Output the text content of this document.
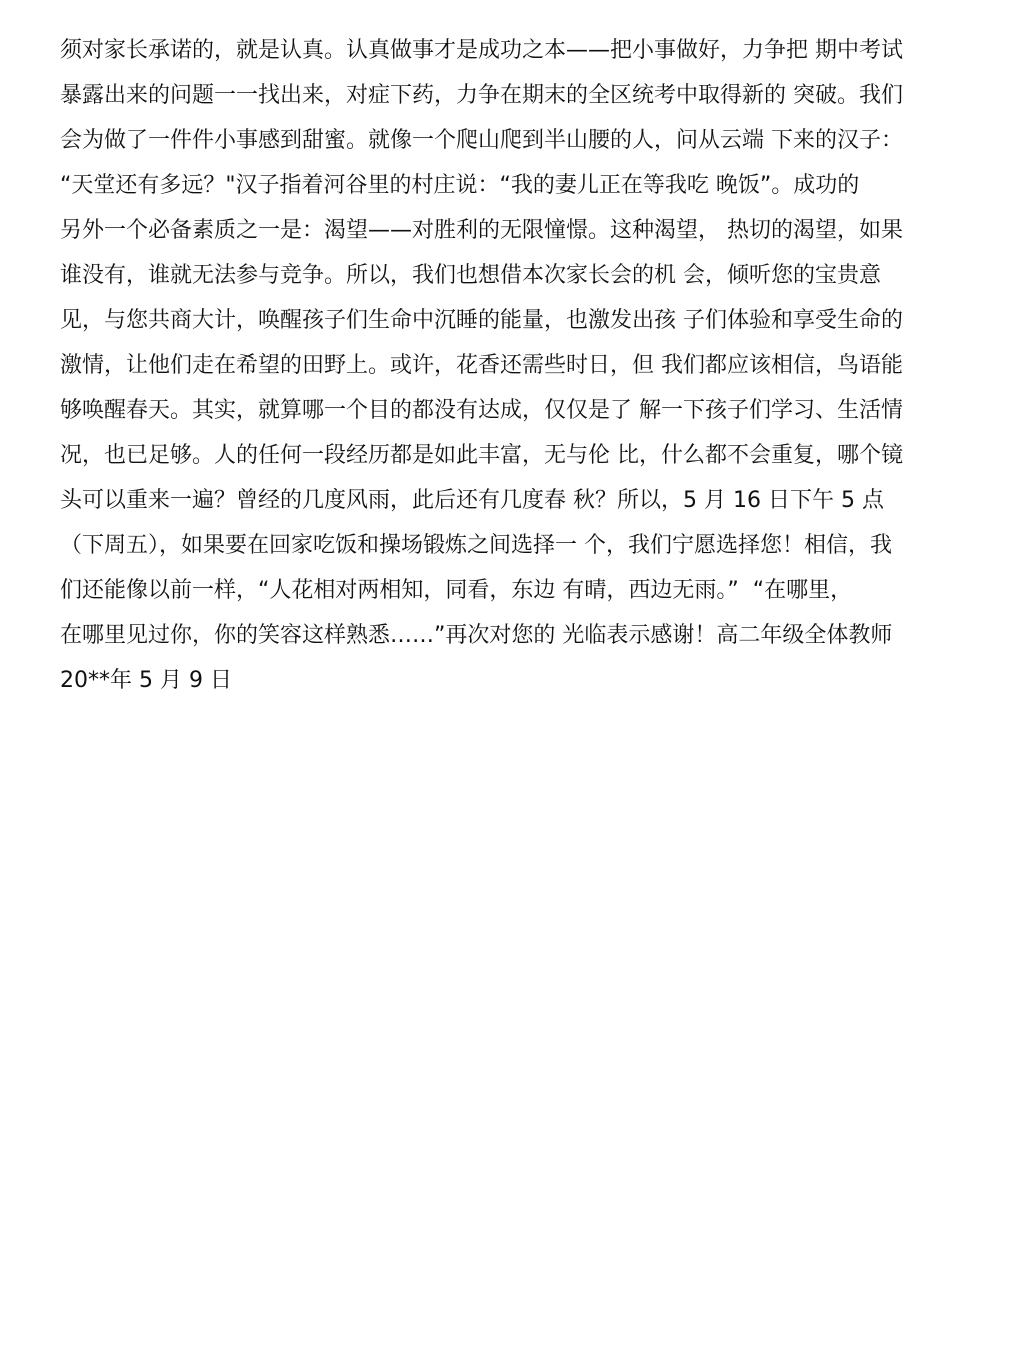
须对家长承诺的，就是认真。认真做事才是成功之本——把小事做好，力争把 期中考试
暴露出来的问题一一找出来，对症下药，力争在期末的全区统考中取得新的 突破。我们
会为做了一件件小事感到甜蜜。就像一个爬山爬到半山腰的人，问从云端 下来的汉子：
“天堂还有多远？"汉子指着河谷里的村庄说：“我的妻儿正在等我吃 晚饭”。成功的
另外一个必备素质之一是：渴望——对胜利的无限憧憬。这种渴望， 热切的渴望，如果
谁没有，谁就无法参与竞争。所以，我们也想借本次家长会的机 会，倾听您的宝贵意
见，与您共商大计，唤醒孩子们生命中沉睡的能量，也激发出孩 子们体验和享受生命的
激情，让他们走在希望的田野上。或许，花香还需些时日，但 我们都应该相信，鸟语能
够唤醒春天。其实，就算哪一个目的都没有达成，仅仅是了 解一下孩子们学习、生活情
况，也已足够。人的任何一段经历都是如此丰富，无与伦 比，什么都不会重复，哪个镜
头可以重来一遍？曾经的几度风雨，此后还有几度春 秋？所以，5 月 16 日下午 5 点
（下周五），如果要在回家吃饭和操场锻炼之间选择一 个，我们宁愿选择您！相信，我
们还能像以前一样，“人花相对两相知，同看，东边 有晴，西边无雨。”  “在哪里，
在哪里见过你，你的笑容这样熟悉……”再次对您的 光临表示感谢！高二年级全体教师
20**年 5 月 9 日
